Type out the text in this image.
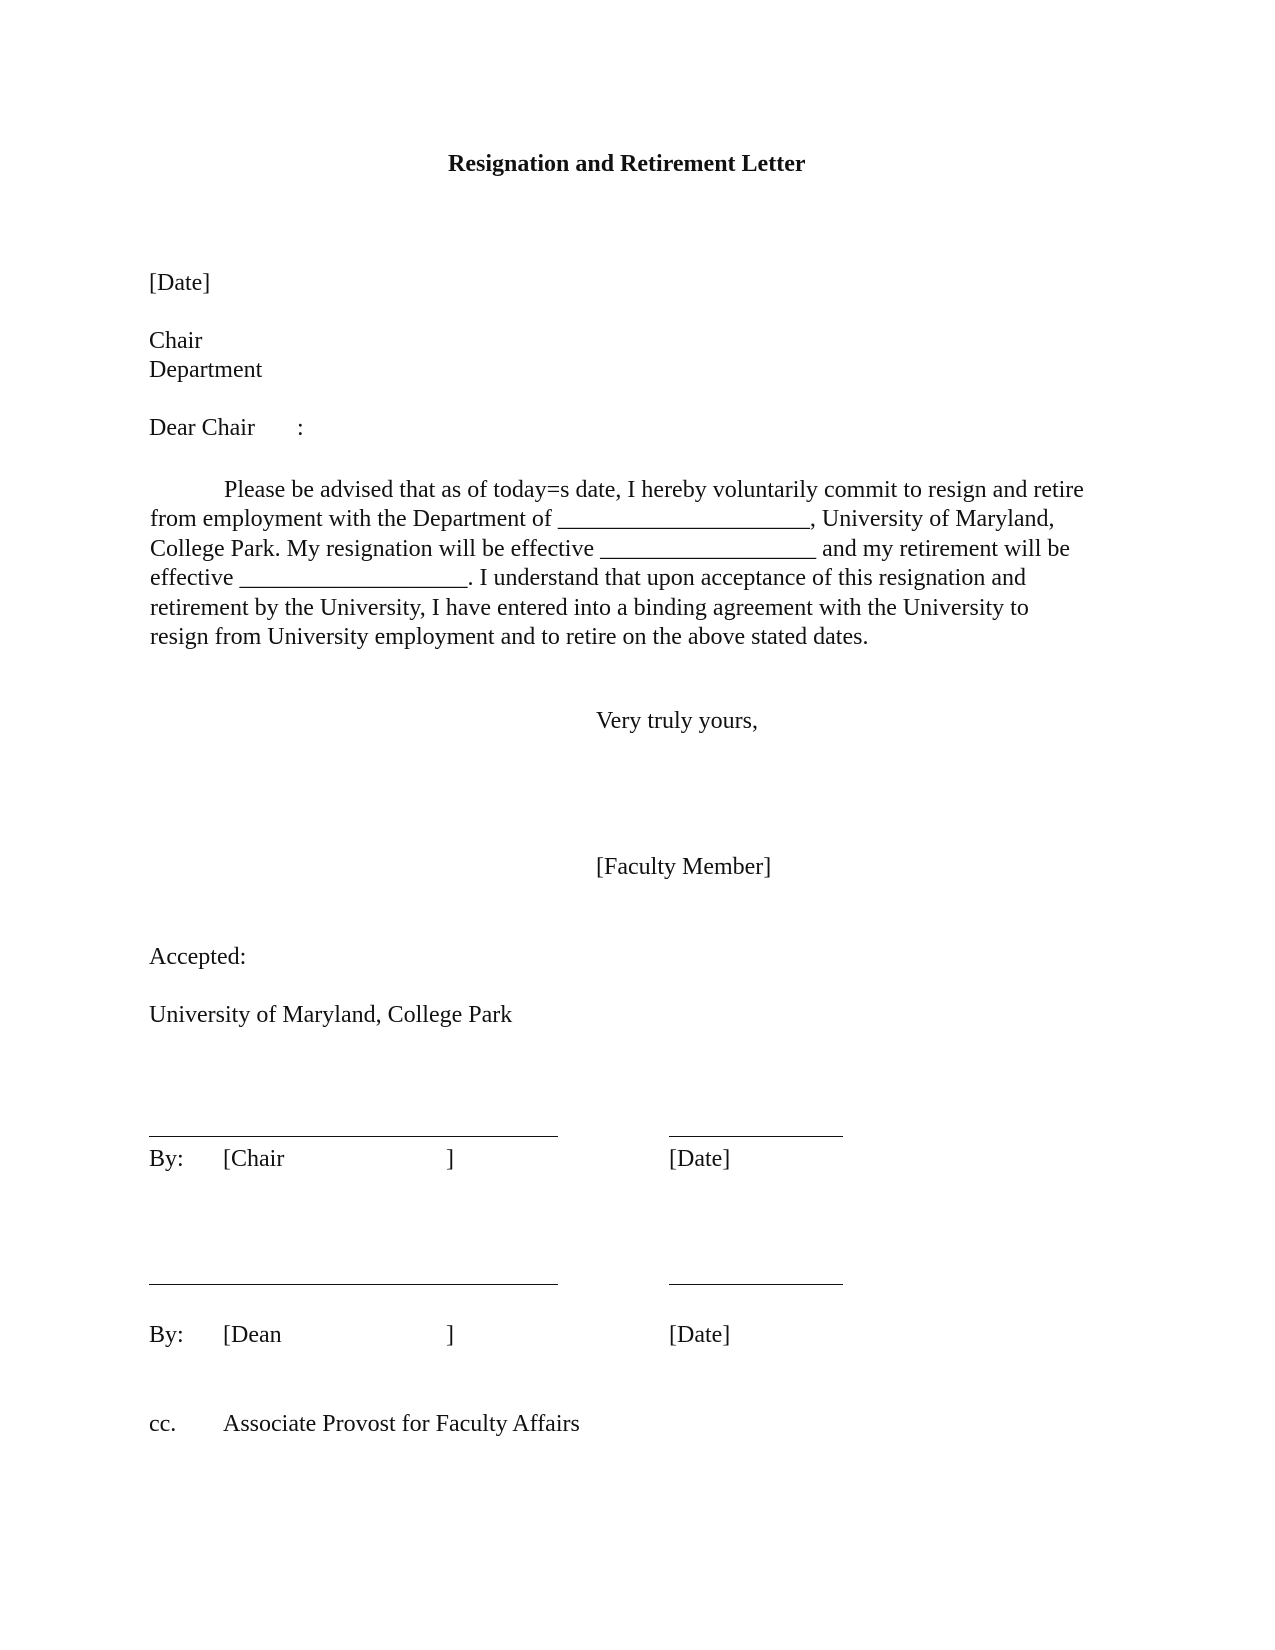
Resignation and Retirement Letter
[Date]
Chair
Department
Dear Chair       :
Please be advised that as of today=s date, I hereby voluntarily commit to resign and retire
from employment with the Department of _____________________, University of Maryland,
College Park. My resignation will be effective __________________ and my retirement will be
effective ___________________. I understand that upon acceptance of this resignation and
retirement by the University, I have entered into a binding agreement with the University to
resign from University employment and to retire on the above stated dates.
Very truly yours,
[Faculty Member]
Accepted:
University of Maryland, College Park
By: [Chair	]	[Date]
By: [Dean	]	[Date]
cc. Associate Provost for Faculty Affairs
